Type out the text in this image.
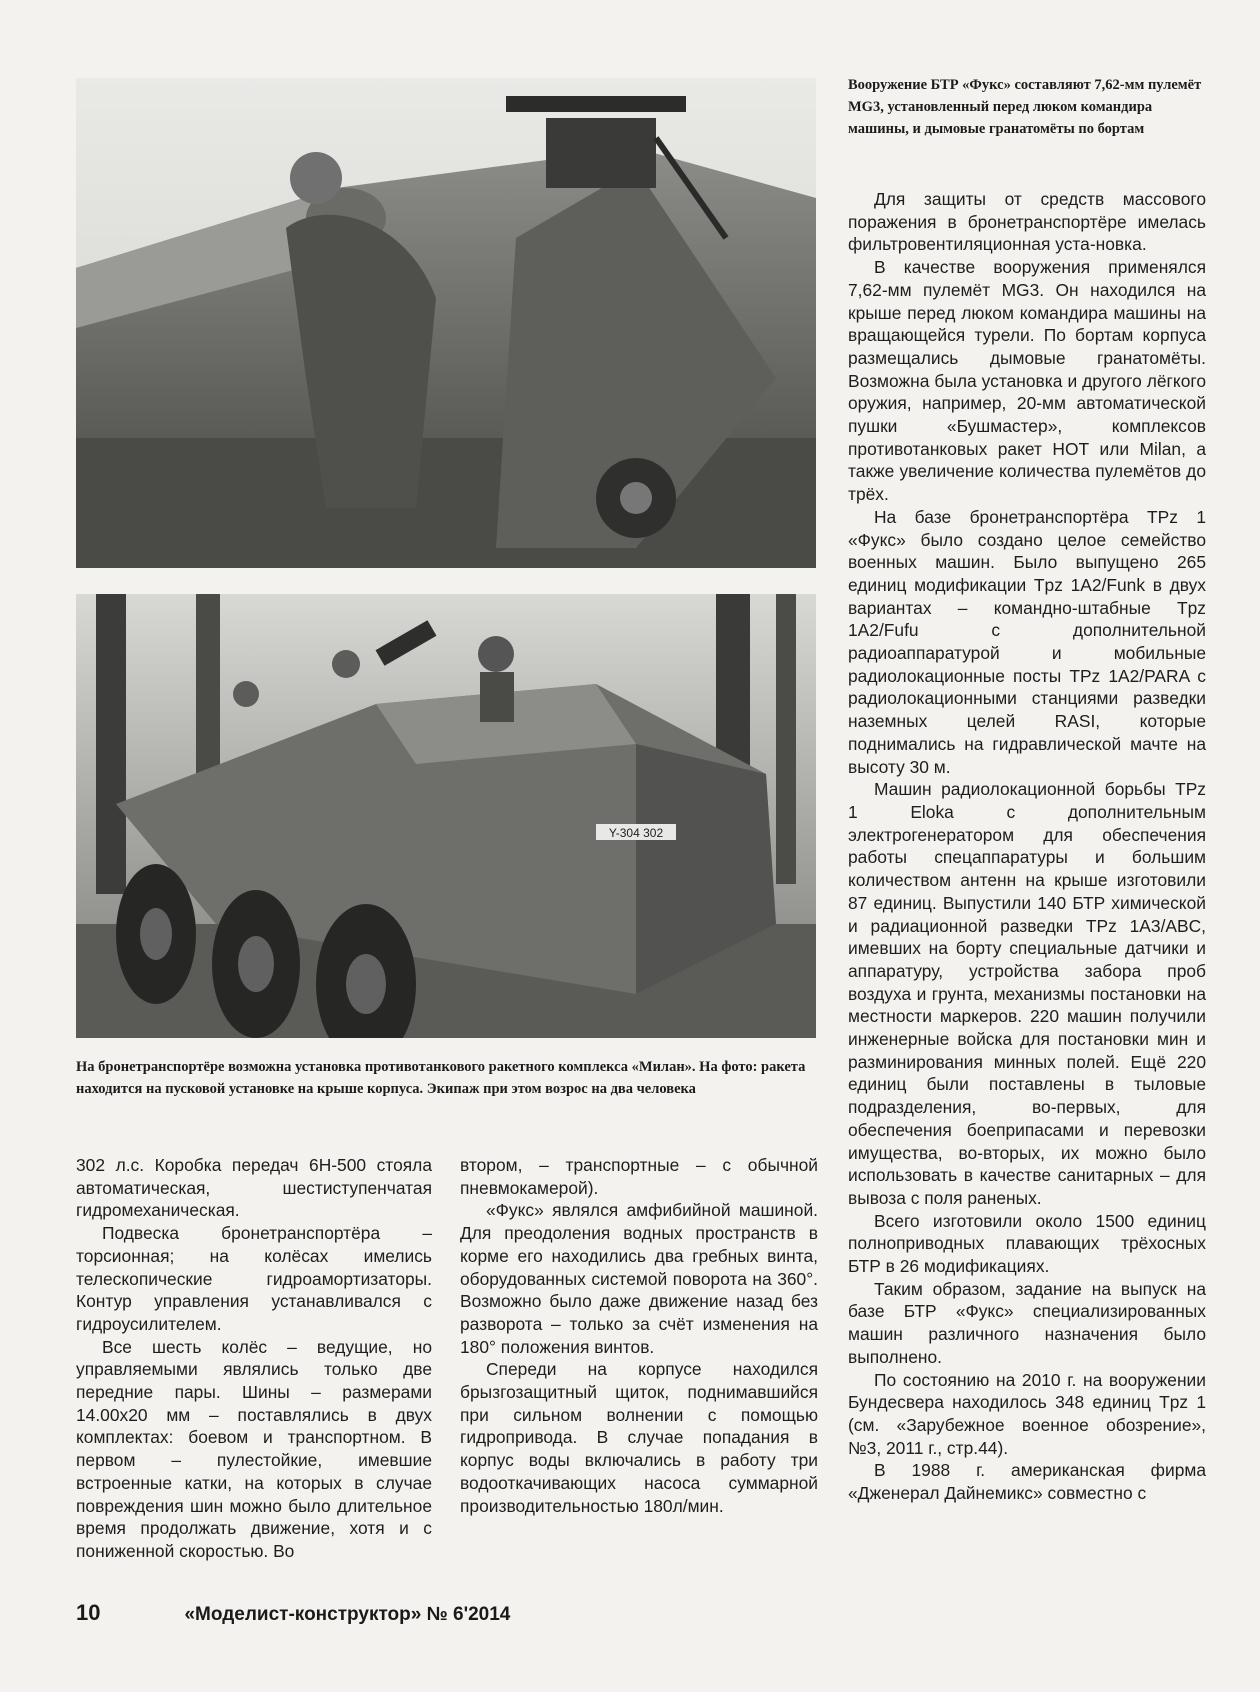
Вооружение БТР «Фукс» составляют 7,62-мм пулемёт MG3, установленный перед люком командира машины, и дымовые гранатомёты по бортам
Y-304 302
На бронетранспортёре возможна установка противотанкового ракетного комплекса «Милан». На фото: ракета находится на пусковой установке на крыше корпуса. Экипаж при этом возрос на два человека

Для защиты от средств массового поражения в бронетранспортёре имелась фильтровентиляционная уста-новка.

В качестве вооружения применялся 7,62-мм пулемёт MG3. Он находился на крыше перед люком командира машины на вращающейся турели. По бортам корпуса размещались дымовые гранатомёты. Возможна была установка и другого лёгкого оружия, например, 20-мм автоматической пушки «Бушмастер», комплексов противотанковых ракет НОТ или Milan, а также увеличение количества пулемётов до трёх.

На базе бронетранспортёра TPz 1 «Фукс» было создано целое семейство военных машин. Было выпущено 265 единиц модификации Tpz 1A2/Funk в двух вариантах – командно-штабные Tpz 1A2/Fufu с дополнительной радиоаппаратурой и мобильные радиолокационные посты TPz 1A2/PARA с радиолокационными станциями разведки наземных целей RASI, которые поднимались на гидравлической мачте на высоту 30 м.

Машин радиолокационной борьбы TPz 1 Eloka с дополнительным электрогенератором для обеспечения работы спецаппаратуры и большим количеством антенн на крыше изготовили 87 единиц. Выпустили 140 БТР химической и радиационной разведки TPz 1A3/ABC, имевших на борту специальные датчики и аппаратуру, устройства забора проб воздуха и грунта, механизмы постановки на местности маркеров. 220 машин получили инженерные войска для постановки мин и разминирования минных полей. Ещё 220 единиц были поставлены в тыловые подразделения, во-первых, для обеспечения боеприпасами и перевозки имущества, во-вторых, их можно было использовать в качестве санитарных – для вывоза с поля раненых.

Всего изготовили около 1500 единиц полноприводных плавающих трёхосных БТР в 26 модификациях.

Таким образом, задание на выпуск на базе БТР «Фукс» специализированных машин различного назначения было выполнено.

По состоянию на 2010 г. на вооружении Бундесвера находилось 348 единиц Tpz 1 (см. «Зарубежное военное обозрение», №3, 2011 г., стр.44).

В 1988 г. американская фирма «Дженерал Дайнемикс» совместно с

302 л.с. Коробка передач 6Н-500 стояла автоматическая, шестиступенчатая гидромеханическая.

Подвеска бронетранспортёра – торсионная; на колёсах имелись телескопические гидроамортизаторы. Контур управления устанавливался с гидроусилителем.

Все шесть колёс – ведущие, но управляемыми являлись только две передние пары. Шины – размерами 14.00х20 мм – поставлялись в двух комплектах: боевом и транспортном. В первом – пулестойкие, имевшие встроенные катки, на которых в случае повреждения шин можно было длительное время продолжать движение, хотя и с пониженной скоростью. Во

втором, – транспортные – с обычной пневмокамерой).

«Фукс» являлся амфибийной машиной. Для преодоления водных пространств в корме его находились два гребных винта, оборудованных системой поворота на 360°. Возможно было даже движение назад без разворота – только за счёт изменения на 180° положения винтов.

Спереди на корпусе находился брызгозащитный щиток, поднимавшийся при сильном волнении с помощью гидропривода. В случае попадания в корпус воды включались в работу три водооткачивающих насоса суммарной производительностью 180л/мин.

10	«Моделист-конструктор» № 6'2014
